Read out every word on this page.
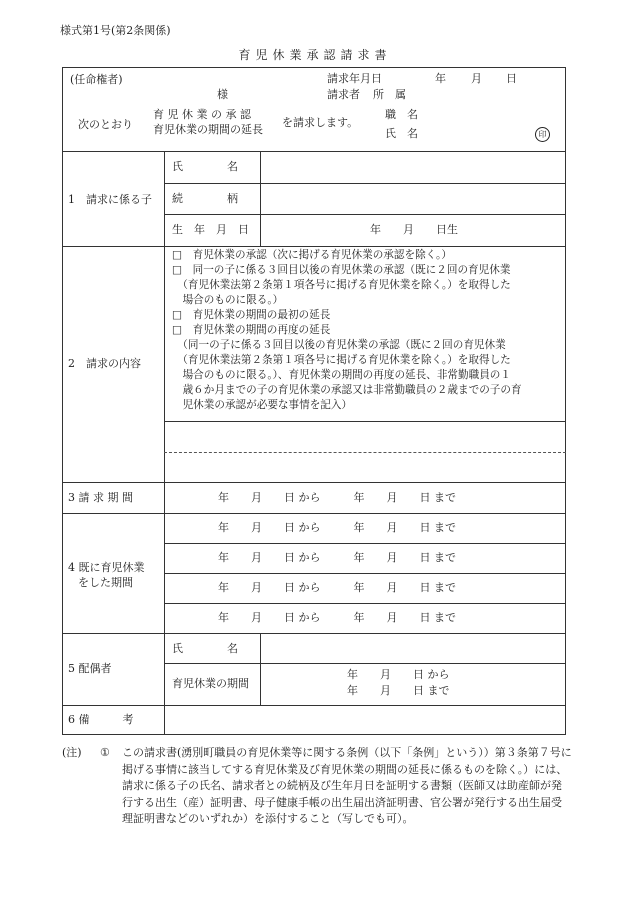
様式第1号(第2条関係)
育児休業承認請求書
(任命権者)
様
請求年月日	年 月 日
請求者 所　属
職　名
氏　名	印
次のとおり
育 児 休 業 の 承 認
育児休業の期間の延長
を請求します。
1　請求に係る子
氏　　　　名
続　　　　柄
生　年　月　日	年　　月　　日生
2　請求の内容
□　育児休業の承認（次に掲げる育児休業の承認を除く。）
□　同一の子に係る３回目以後の育児休業の承認（既に２回の育児休業
　（育児休業法第２条第１項各号に掲げる育児休業を除く。）を取得した
　場合のものに限る。）
□　育児休業の期間の最初の延長
□　育児休業の期間の再度の延長
　（同一の子に係る３回目以後の育児休業の承認（既に２回の育児休業
　（育児休業法第２条第１項各号に掲げる育児休業を除く。）を取得した
　場合のものに限る。）、育児休業の期間の再度の延長、非常勤職員の１
　歳６か月までの子の育児休業の承認又は非常勤職員の２歳までの子の育
　児休業の承認が必要な事情を記入）
3 請 求 期 間	年　　月　　日 から　　　年　　月　　日 まで
4 既に育児休業
をした期間
年　　月　　日 から　　　年　　月　　日 まで
年　　月　　日 から　　　年　　月　　日 まで
年　　月　　日 から　　　年　　月　　日 まで
年　　月　　日 から　　　年　　月　　日 まで
5 配偶者
氏　　　　名
育児休業の期間
年　　月　　日 から
年　　月　　日 まで
6 備　　　考
(注) ① この請求書(湧別町職員の育児休業等に関する条例（以下「条例」という））第３条第７号に掲げる事情に該当してする育児休業及び育児休業の期間の延長に係るものを除く。）には、請求に係る子の氏名、請求者との続柄及び生年月日を証明する書類（医師又は助産師が発行する出生（産）証明書、母子健康手帳の出生届出済証明書、官公署が発行する出生届受理証明書などのいずれか）を添付すること（写しでも可）。
